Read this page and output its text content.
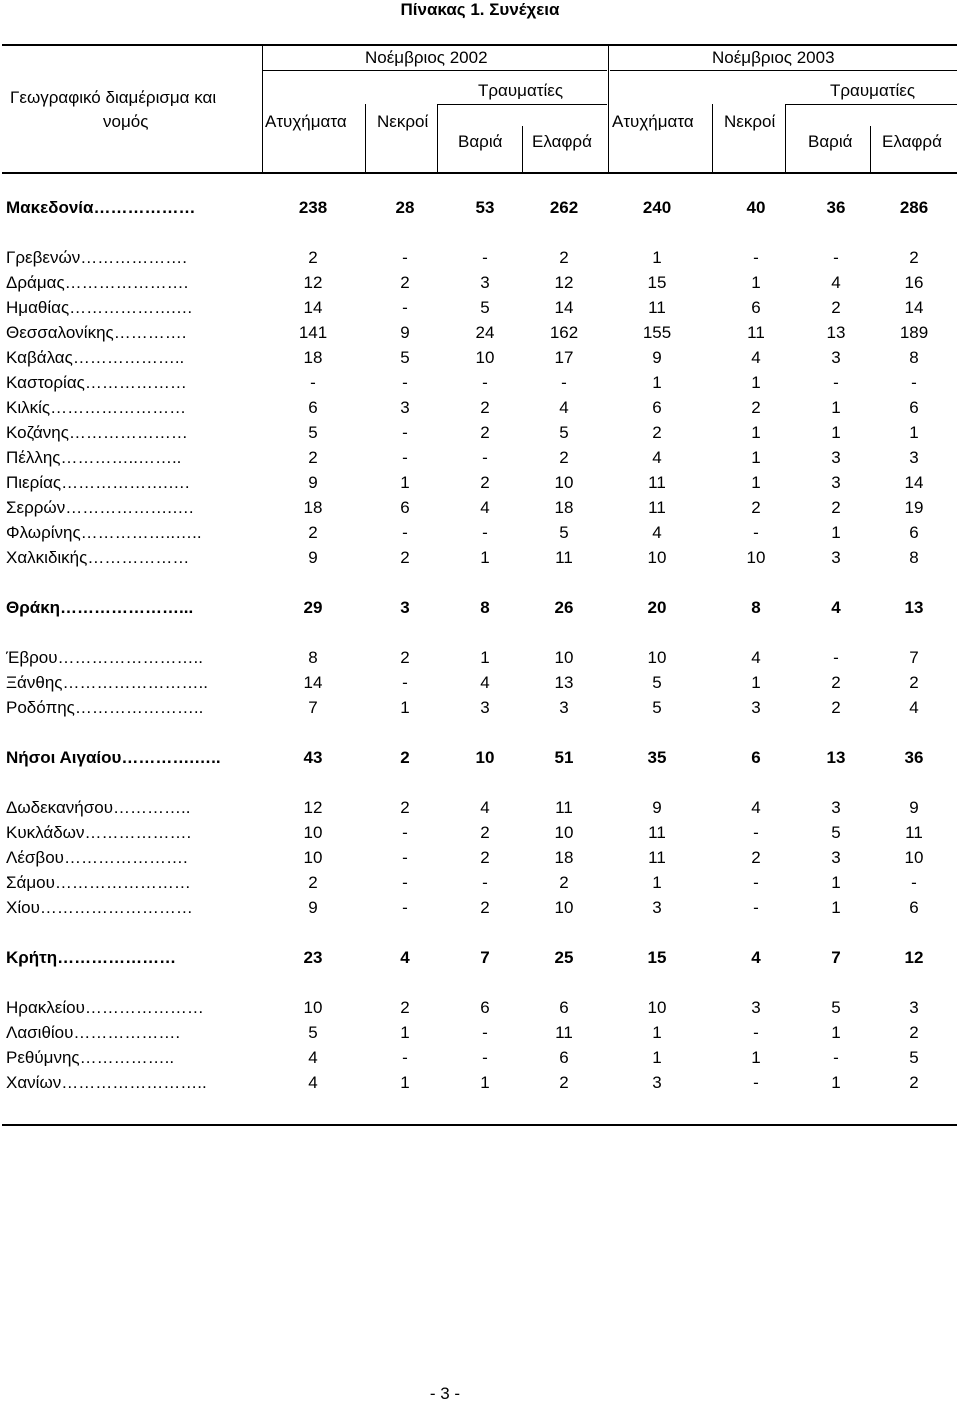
Πίνακας 1. Συνέχεια
Γεωγραφικό διαμέρισμα και
νομός
Νοέμβριος 2002	Νοέμβριος 2003
Ατυχήματα Νεκροί
Τραυματίες
Βαριά Ελαφρά
Ατυχήματα Νεκροί
Τραυματίες
Βαριά Ελαφρά
Μακεδονία………………	238	28	53	262	240	40	36	286
Γρεβενών……………….	2	-	-	2	1	-	-	2
Δράμας………………….	12	2	3	12	15	1	4	16
Ημαθίας……………….…	14	-	5	14	11	6	2	14
Θεσσαλονίκης………….	141	9	24	162	155	11	13	189
Καβάλας………………..	18	5	10	17	9	4	3	8
Καστορίας………………	-	-	-	-	1	1	-	-
Κιλκίς……………………	6	3	2	4	6	2	1	6
Κοζάνης…………………	5	-	2	5	2	1	1	1
Πέλλης…………..……..	2	-	-	2	4	1	3	3
Πιερίας……………….….	9	1	2	10	11	1	3	14
Σερρών……………….….	18	6	4	18	11	2	2	19
Φλωρίνης……………..…..	2	-	-	5	4	-	1	6
Χαλκιδικής………………	9	2	1	11	10	10	3	8
Θράκη…………………...	29	3	8	26	20	8	4	13
Έβρου……………………..	8	2	1	10	10	4	-	7
Ξάνθης……………………..	14	-	4	13	5	1	2	2
Ροδόπης…………………..	7	1	3	3	5	3	2	4
Νήσοι Αιγαίου………….…..	43	2	10	51	35	6	13	36
Δωδεκανήσου…………..	12	2	4	11	9	4	3	9
Κυκλάδων……………….	10	-	2	10	11	-	5	11
Λέσβου………………….	10	-	2	18	11	2	3	10
Σάμου……………………	2	-	-	2	1	-	1	-
Χίου………………………	9	-	2	10	3	-	1	6
Κρήτη…………………	23	4	7	25	15	4	7	12
Ηρακλείου…………………	10	2	6	6	10	3	5	3
Λασιθίου……………….	5	1	-	11	1	-	1	2
Ρεθύμνης……………..	4	-	-	6	1	1	-	5
Χανίων……………………..	4	1	1	2	3	-	1	2
- 3 -
